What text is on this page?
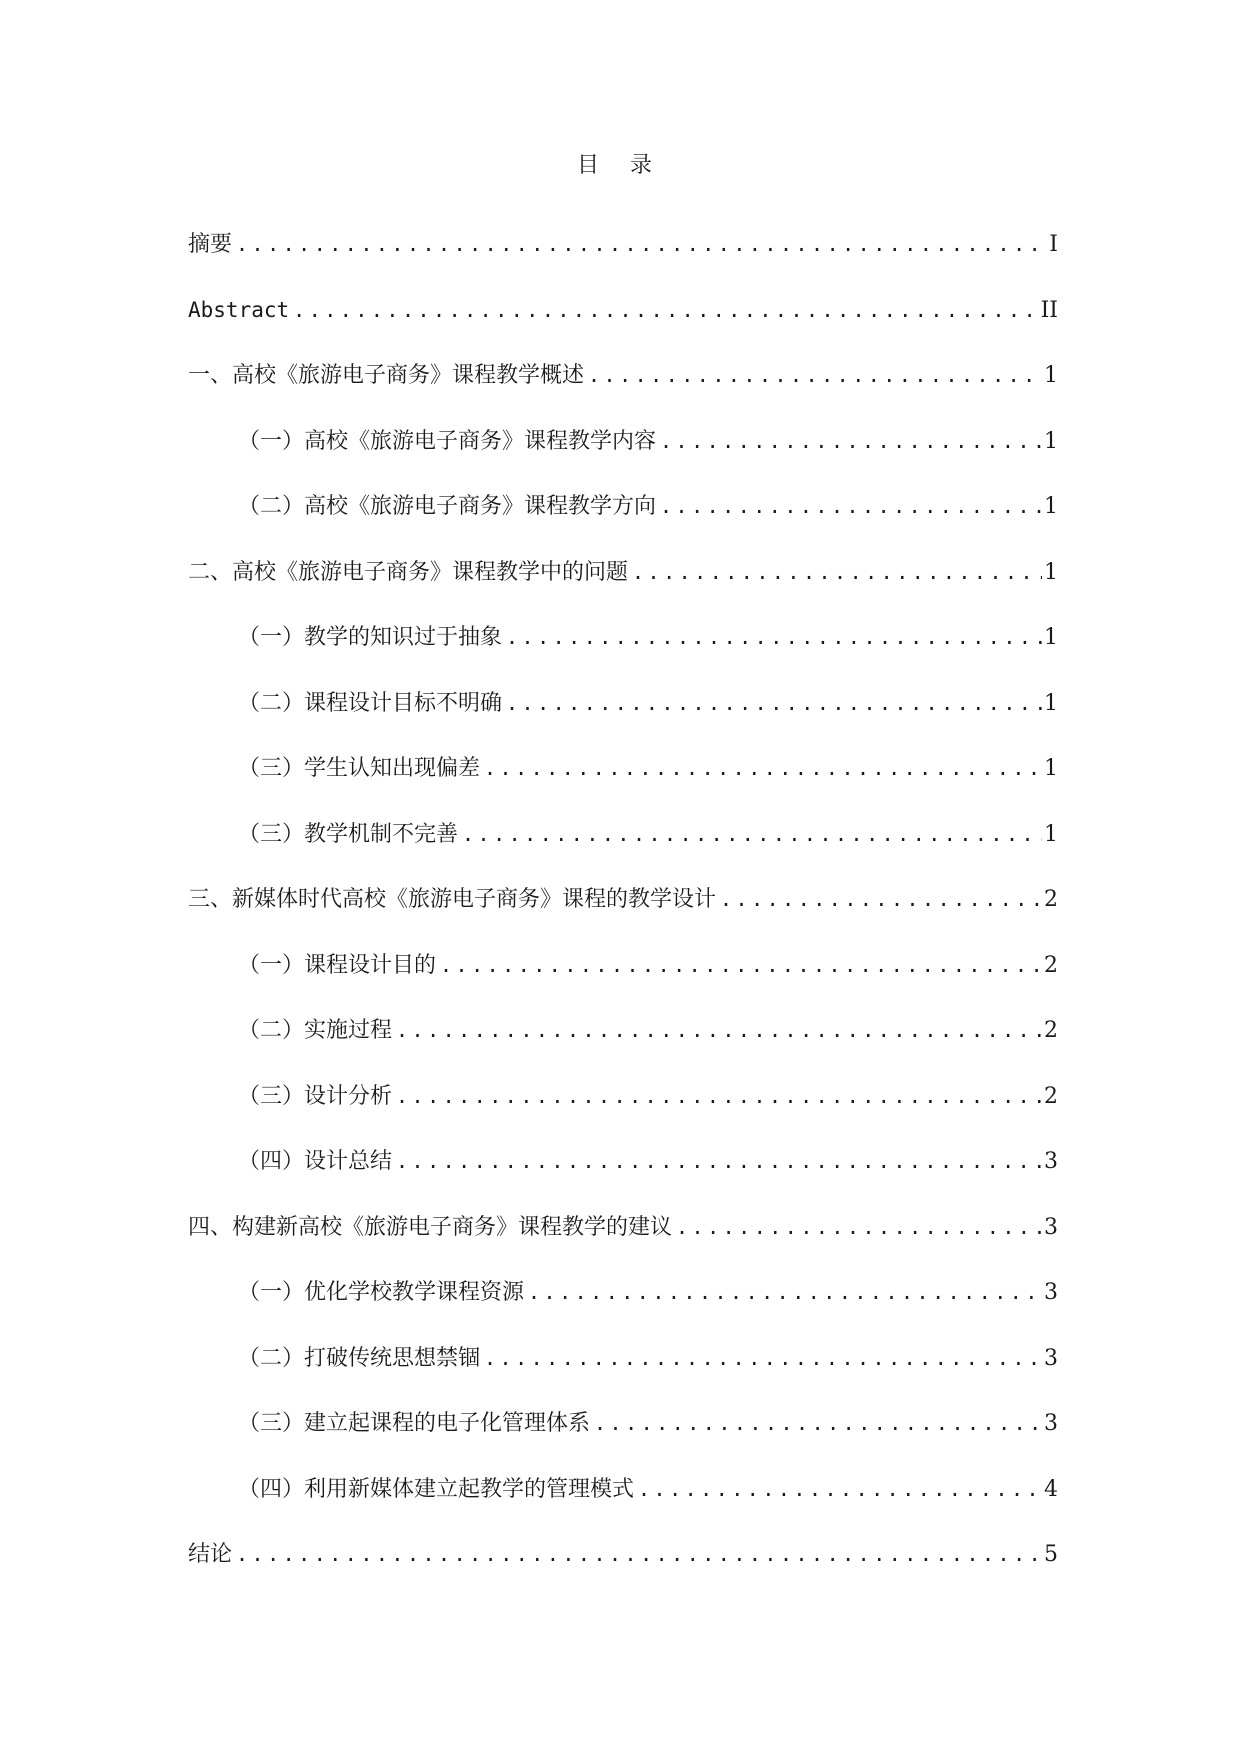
目 录
摘要 .....	I
Abstract .....	II
一、高校《旅游电子商务》课程教学概述 .....	1
（一）高校《旅游电子商务》课程教学内容 .....	1
（二）高校《旅游电子商务》课程教学方向 .....	1
二、高校《旅游电子商务》课程教学中的问题 .....	1
（一）教学的知识过于抽象 .....	1
（二）课程设计目标不明确 .....	1
（三）学生认知出现偏差 .....	1
（三）教学机制不完善 .....	1
三、新媒体时代高校《旅游电子商务》课程的教学设计 .....	2
（一）课程设计目的 .....	2
（二）实施过程 .....	2
（三）设计分析 .....	2
（四）设计总结 .....	3
四、构建新高校《旅游电子商务》课程教学的建议 .....	3
（一）优化学校教学课程资源 .....	3
（二）打破传统思想禁锢 .....	3
（三）建立起课程的电子化管理体系 .....	3
（四）利用新媒体建立起教学的管理模式 .....	4
结论 .....	5
